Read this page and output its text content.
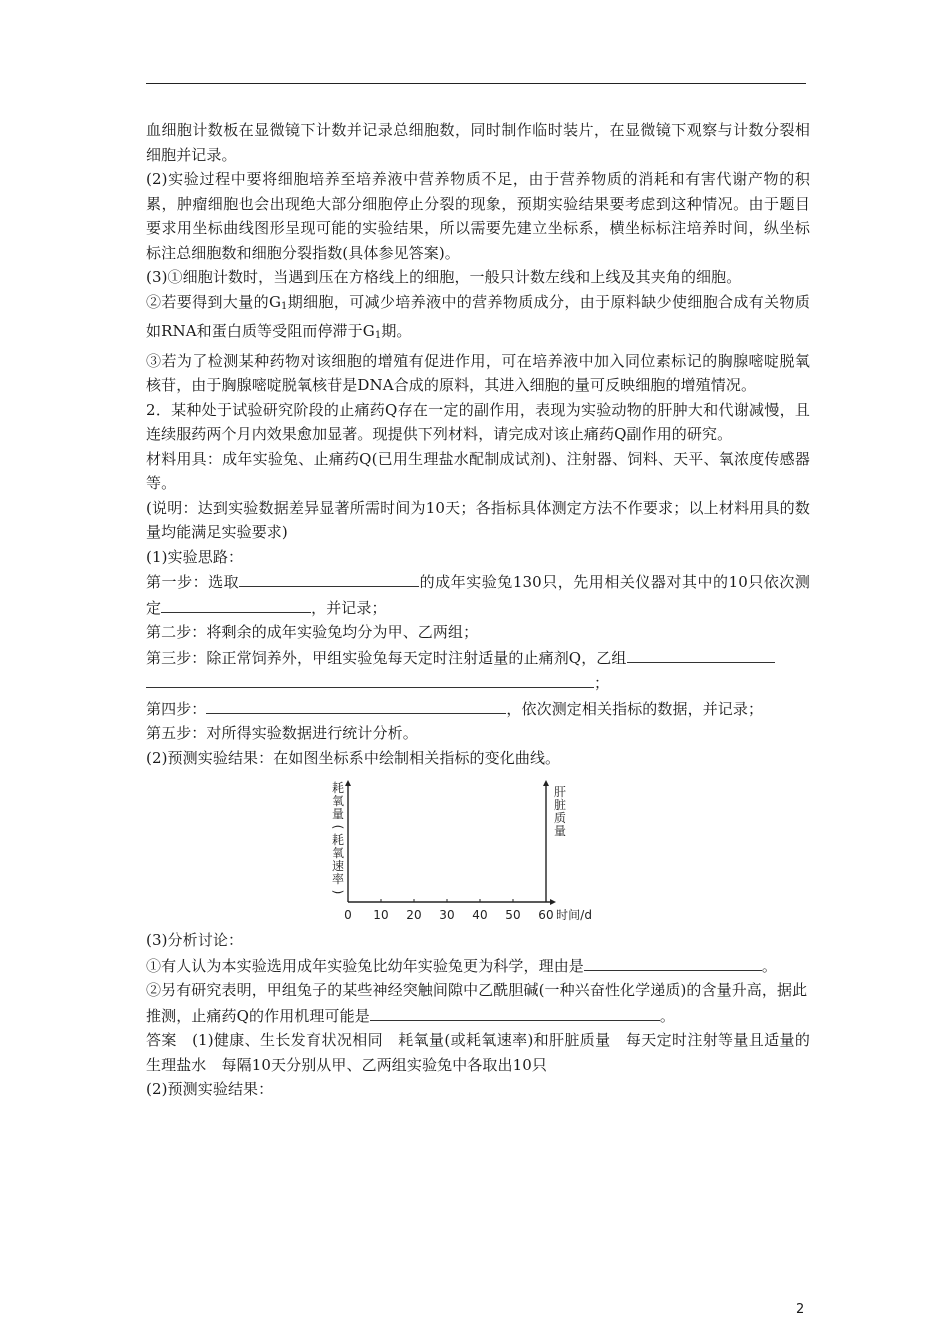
血细胞计数板在显微镜下计数并记录总细胞数，同时制作临时装片，在显微镜下观察与计数分裂相细胞并记录。

(2)实验过程中要将细胞培养至培养液中营养物质不足，由于营养物质的消耗和有害代谢产物的积累，肿瘤细胞也会出现绝大部分细胞停止分裂的现象，预期实验结果要考虑到这种情况。由于题目要求用坐标曲线图形呈现可能的实验结果，所以需要先建立坐标系，横坐标标注培养时间，纵坐标标注总细胞数和细胞分裂指数(具体参见答案)。

(3)①细胞计数时，当遇到压在方格线上的细胞，一般只计数左线和上线及其夹角的细胞。

②若要得到大量的$G_1$期细胞，可减少培养液中的营养物质成分，由于原料缺少使细胞合成有关物质如RNA和蛋白质等受阻而停滞于$G_1$期。

③若为了检测某种药物对该细胞的增殖有促进作用，可在培养液中加入同位素标记的胸腺嘧啶脱氧核苷，由于胸腺嘧啶脱氧核苷是DNA合成的原料，其进入细胞的量可反映细胞的增殖情况。

2．某种处于试验研究阶段的止痛药Q存在一定的副作用，表现为实验动物的肝肿大和代谢减慢，且连续服药两个月内效果愈加显著。现提供下列材料，请完成对该止痛药Q副作用的研究。

材料用具：成年实验兔、止痛药Q(已用生理盐水配制成试剂)、注射器、饲料、天平、氧浓度传感器等。

(说明：达到实验数据差异显著所需时间为10天；各指标具体测定方法不作要求；以上材料用具的数量均能满足实验要求)

(1)实验思路：

第一步：选取	的成年实验兔130只，先用相关仪器对其中的10只依次测定	，并记录；

第二步：将剩余的成年实验兔均分为甲、乙两组；

第三步：除正常饲养外，甲组实验兔每天定时注射适量的止痛剂Q，乙组
；

第四步：	，依次测定相关指标的数据，并记录；

第五步：对所得实验数据进行统计分析。

(2)预测实验结果：在如图坐标系中绘制相关指标的变化曲线。

0 10 20 30 40 50 60 时间/d
耗
氧
量
(
耗
氧
速
率
)
肝
脏
质
量

(3)分析讨论：

①有人认为本实验选用成年实验兔比幼年实验兔更为科学，理由是	。

②另有研究表明，甲组兔子的某些神经突触间隙中乙酰胆碱(一种兴奋性化学递质)的含量升高，据此推测，止痛药Q的作用机理可能是	。

答案　(1)健康、生长发育状况相同　耗氧量(或耗氧速率)和肝脏质量　每天定时注射等量且适量的生理盐水　每隔10天分别从甲、乙两组实验兔中各取出10只

(2)预测实验结果：

2
